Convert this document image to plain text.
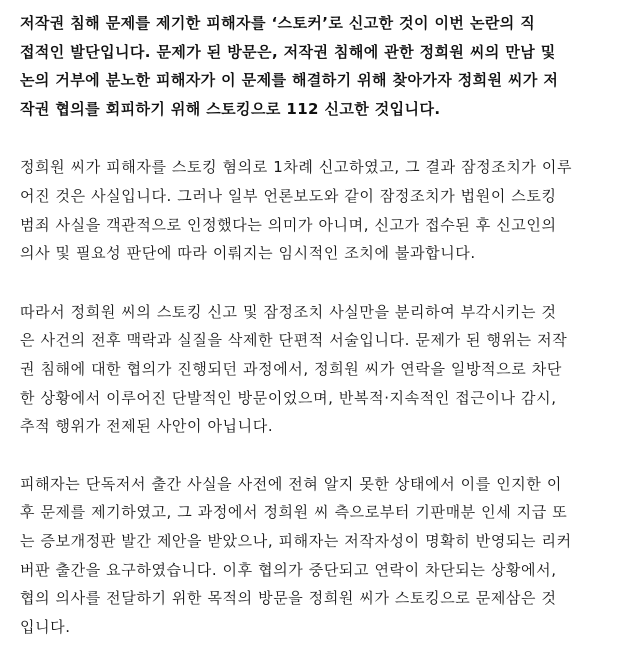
저작권 침해 문제를 제기한 피해자를 ‘스토커’로 신고한 것이 이번 논란의 직
접적인 발단입니다. 문제가 된 방문은, 저작권 침해에 관한 정희원 씨의 만남 및
논의 거부에 분노한 피해자가 이 문제를 해결하기 위해 찾아가자 정희원 씨가 저
작권 협의를 회피하기 위해 스토킹으로 112 신고한 것입니다.
정희원 씨가 피해자를 스토킹 혐의로 1차례 신고하였고, 그 결과 잠정조치가 이루
어진 것은 사실입니다. 그러나 일부 언론보도와 같이 잠정조치가 법원이 스토킹
범죄 사실을 객관적으로 인정했다는 의미가 아니며, 신고가 접수된 후 신고인의
의사 및 필요성 판단에 따라 이뤄지는 임시적인 조치에 불과합니다.
따라서 정희원 씨의 스토킹 신고 및 잠정조치 사실만을 분리하여 부각시키는 것
은 사건의 전후 맥락과 실질을 삭제한 단편적 서술입니다. 문제가 된 행위는 저작
권 침해에 대한 협의가 진행되던 과정에서, 정희원 씨가 연락을 일방적으로 차단
한 상황에서 이루어진 단발적인 방문이었으며, 반복적·지속적인 접근이나 감시,
추적 행위가 전제된 사안이 아닙니다.
피해자는 단독저서 출간 사실을 사전에 전혀 알지 못한 상태에서 이를 인지한 이
후 문제를 제기하였고, 그 과정에서 정희원 씨 측으로부터 기판매분 인세 지급 또
는 증보개정판 발간 제안을 받았으나, 피해자는 저작자성이 명확히 반영되는 리커
버판 출간을 요구하였습니다. 이후 협의가 중단되고 연락이 차단되는 상황에서,
협의 의사를 전달하기 위한 목적의 방문을 정희원 씨가 스토킹으로 문제삼은 것
입니다.
